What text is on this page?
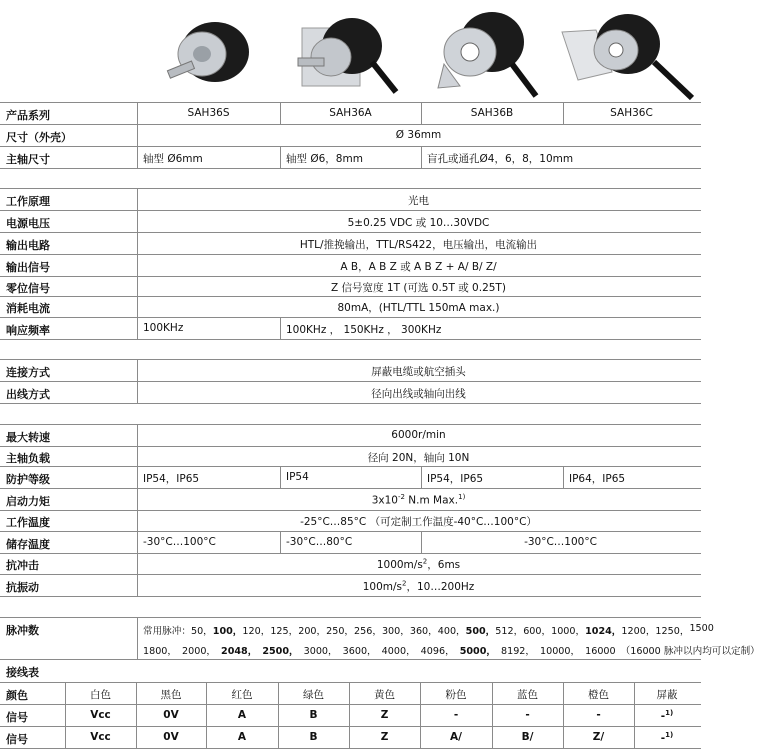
产品系列	SAH36S	SAH36A	SAH36B	SAH36C
尺寸（外壳）	Ø 36mm
主轴尺寸	轴型 Ø6mm	轴型 Ø6，8mm	盲孔或通孔Ø4，6，8，10mm
工作原理	光电
电源电压	5±0.25 VDC 或 10…30VDC
输出电路	HTL/推挽输出，TTL/RS422，电压输出，电流输出
输出信号	A B，A B Z 或 A B Z + A/ B/ Z/
零位信号	Z 信号宽度 1T (可选 0.5T 或 0.25T)
消耗电流	80mA，(HTL/TTL 150mA max.)
响应频率	100KHz	100KHz ， 150KHz ， 300KHz
连接方式	屏蔽电缆或航空插头
出线方式	径向出线或轴向出线
最大转速	6000r/min
主轴负载	径向 20N，轴向 10N
防护等级	IP54，IP65	IP54	IP54，IP65	IP64，IP65
启动力矩	$3x10^{-2}$ N.m Max.$^{1)}$
工作温度	-25°C…85°C （可定制工作温度-40°C…100°C）
储存温度	-30°C…100°C	-30°C…80°C	-30°C…100°C
抗冲击	$1000m/s^2$，6ms
抗振动	$100m/s^2$，10…200Hz
脉冲数	常用脉冲：50， 100， 120， 125， 200， 250， 256， 300， 360， 400， 500， 512， 600， 1000， 1024， 1200， 1250， 1500
1800， 2000， 2048， 2500， 3000， 3600， 4000， 4096， 5000， 8192， 10000， 16000 （16000 脉冲以内均可以定制）
接线表
颜色	白色	黑色	红色	绿色	黄色	粉色	蓝色	橙色	屏蔽
信号	Vcc	0V	A	B	Z	-	-	-	-$^{1)}$
信号	Vcc	0V	A	B	Z	A/	B/	Z/	-$^{1)}$
